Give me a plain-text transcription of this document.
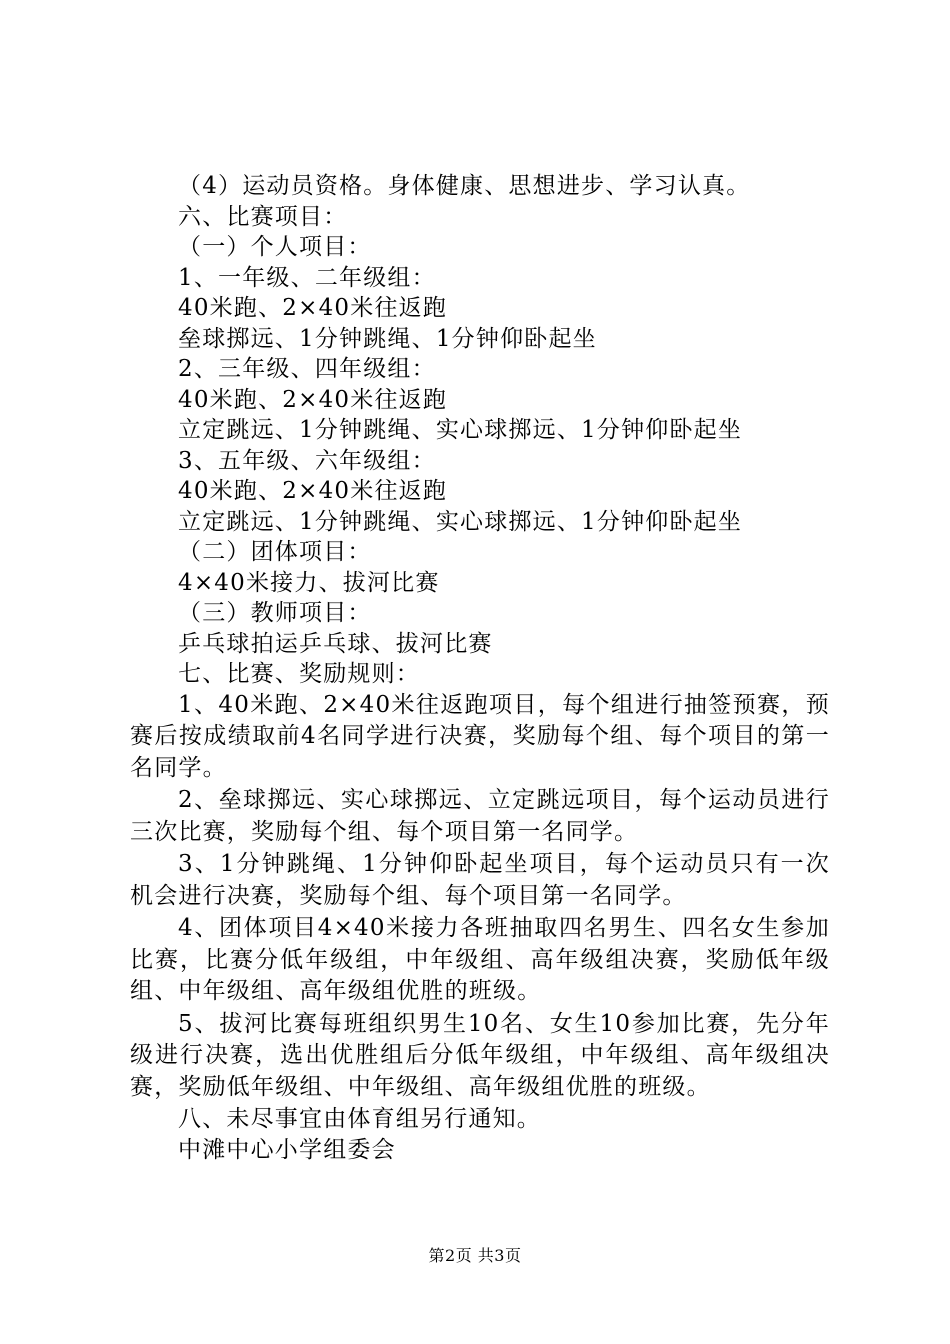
（4）运动员资格。身体健康、思想进步、学习认真。
六、比赛项目：
（一）个人项目：
1、一年级、二年级组：
40米跑、2×40米往返跑
垒球掷远、1分钟跳绳、1分钟仰卧起坐
2、三年级、四年级组：
40米跑、2×40米往返跑
立定跳远、1分钟跳绳、实心球掷远、1分钟仰卧起坐
3、五年级、六年级组：
40米跑、2×40米往返跑
立定跳远、1分钟跳绳、实心球掷远、1分钟仰卧起坐
（二）团体项目：
4×40米接力、拔河比赛
（三）教师项目：
乒乓球拍运乒乓球、拔河比赛
七、比赛、奖励规则：

1、40米跑、2×40米往返跑项目，每个组进行抽签预赛，预赛后按成绩取前4名同学进行决赛，奖励每个组、每个项目的第一名同学。

2、垒球掷远、实心球掷远、立定跳远项目，每个运动员进行三次比赛，奖励每个组、每个项目第一名同学。

3、1分钟跳绳、1分钟仰卧起坐项目，每个运动员只有一次机会进行决赛，奖励每个组、每个项目第一名同学。

4、团体项目4×40米接力各班抽取四名男生、四名女生参加比赛，比赛分低年级组，中年级组、高年级组决赛，奖励低年级组、中年级组、高年级组优胜的班级。

5、拔河比赛每班组织男生10名、女生10参加比赛，先分年级进行决赛，选出优胜组后分低年级组，中年级组、高年级组决赛，奖励低年级组、中年级组、高年级组优胜的班级。

八、未尽事宜由体育组另行通知。
中滩中心小学组委会
第2页 共3页
